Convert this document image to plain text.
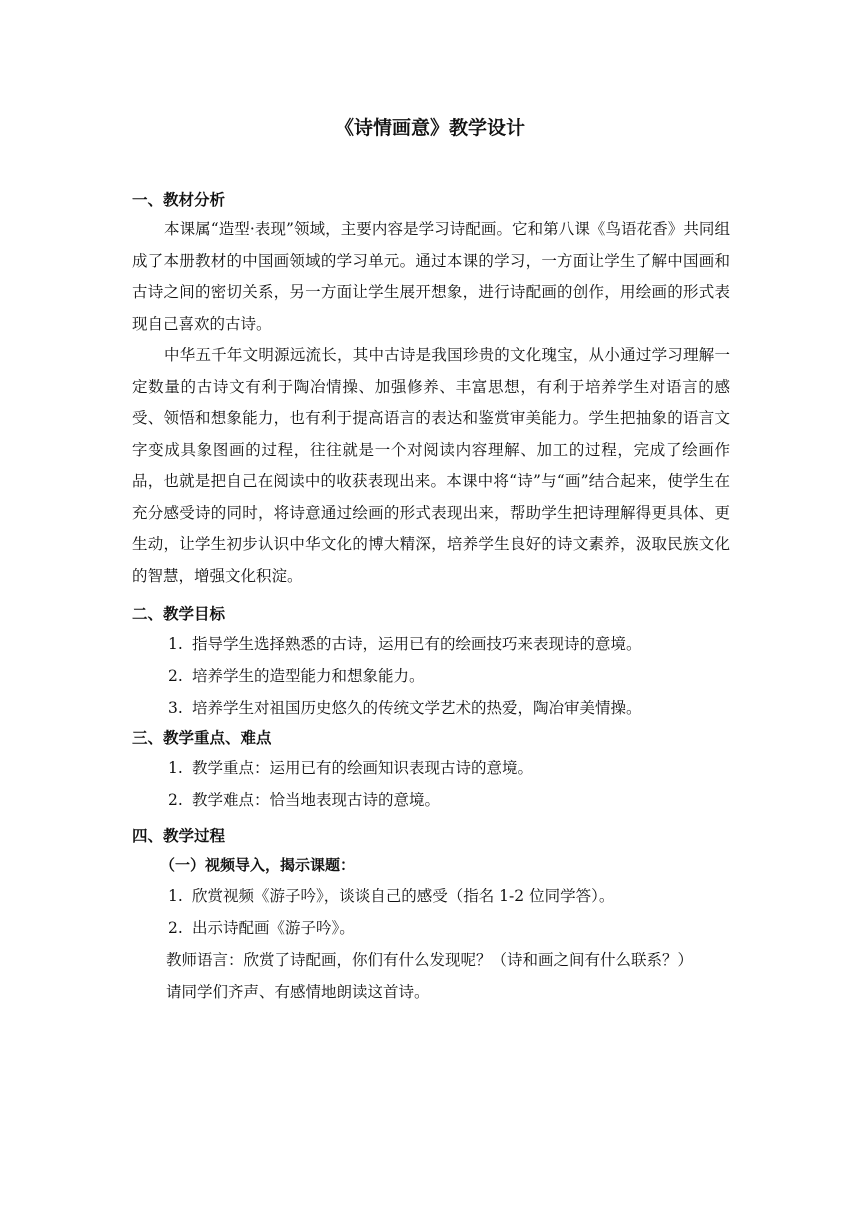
《诗情画意》教学设计
一、教材分析

本课属“造型·表现”领域，主要内容是学习诗配画。它和第八课《鸟语花香》共同组成了本册教材的中国画领域的学习单元。通过本课的学习，一方面让学生了解中国画和古诗之间的密切关系，另一方面让学生展开想象，进行诗配画的创作，用绘画的形式表现自己喜欢的古诗。

中华五千年文明源远流长，其中古诗是我国珍贵的文化瑰宝，从小通过学习理解一定数量的古诗文有利于陶冶情操、加强修养、丰富思想，有利于培养学生对语言的感受、领悟和想象能力，也有利于提高语言的表达和鉴赏审美能力。学生把抽象的语言文字变成具象图画的过程，往往就是一个对阅读内容理解、加工的过程，完成了绘画作品，也就是把自己在阅读中的收获表现出来。本课中将“诗”与“画”结合起来，使学生在充分感受诗的同时，将诗意通过绘画的形式表现出来，帮助学生把诗理解得更具体、更生动，让学生初步认识中华文化的博大精深，培养学生良好的诗文素养，汲取民族文化的智慧，增强文化积淀。

二、教学目标
1. 指导学生选择熟悉的古诗，运用已有的绘画技巧来表现诗的意境。
2. 培养学生的造型能力和想象能力。
3. 培养学生对祖国历史悠久的传统文学艺术的热爱，陶冶审美情操。
三、教学重点、难点
1. 教学重点：运用已有的绘画知识表现古诗的意境。
2. 教学难点：恰当地表现古诗的意境。
四、教学过程
（一）视频导入，揭示课题：
1. 欣赏视频《游子吟》，谈谈自己的感受（指名 1-2 位同学答）。
2. 出示诗配画《游子吟》。
教师语言：欣赏了诗配画，你们有什么发现呢？（诗和画之间有什么联系？）
请同学们齐声、有感情地朗读这首诗。
